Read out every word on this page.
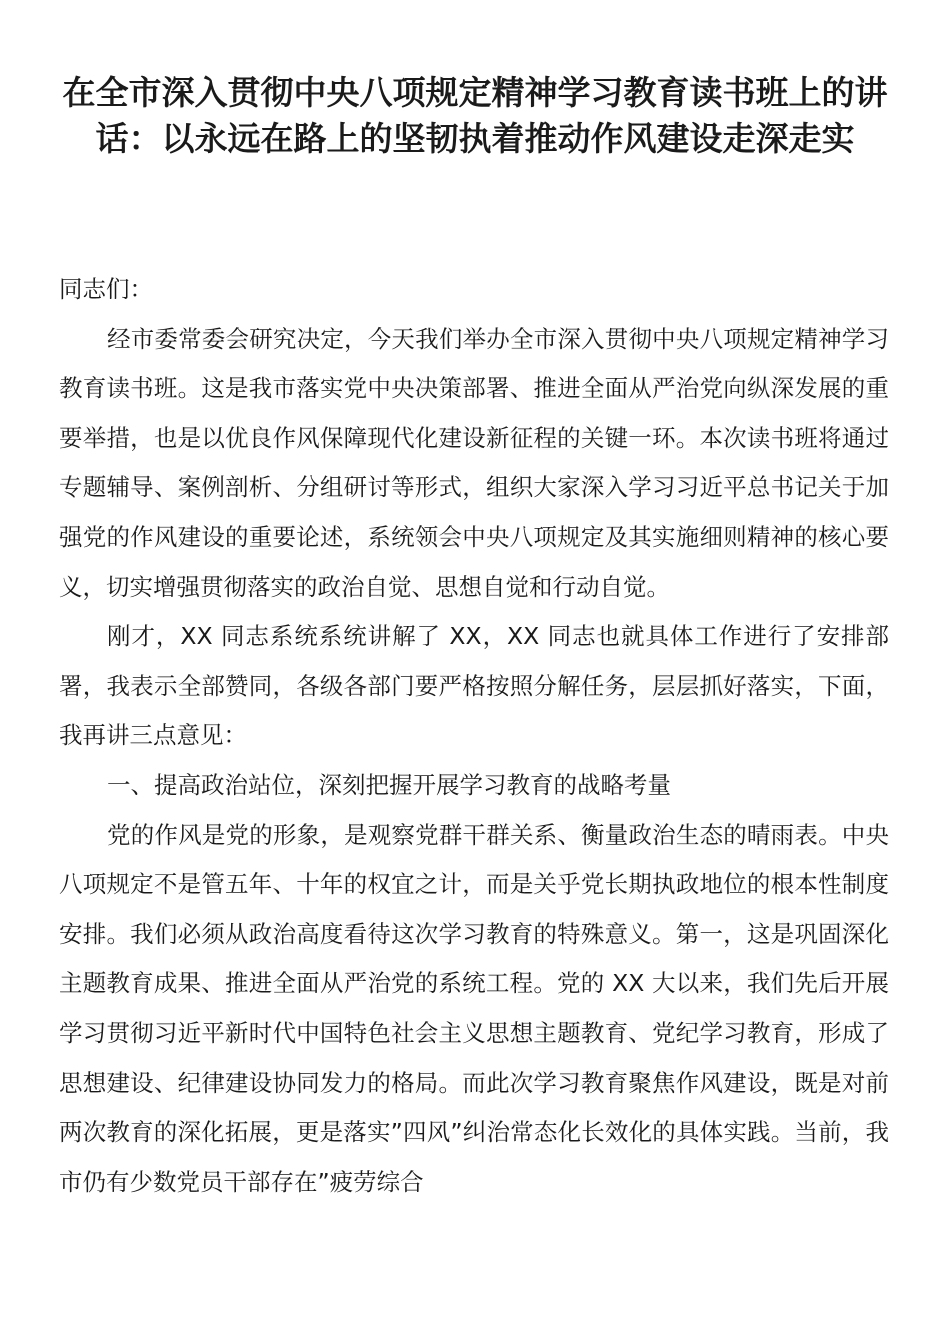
在全市深入贯彻中央八项规定精神学习教育读书班上的讲话：以永远在路上的坚韧执着推动作风建设走深走实

同志们：

经市委常委会研究决定，今天我们举办全市深入贯彻中央八项规定精神学习教育读书班。这是我市落实党中央决策部署、推进全面从严治党向纵深发展的重要举措，也是以优良作风保障现代化建设新征程的关键一环。本次读书班将通过专题辅导、案例剖析、分组研讨等形式，组织大家深入学习习近平总书记关于加强党的作风建设的重要论述，系统领会中央八项规定及其实施细则精神的核心要义，切实增强贯彻落实的政治自觉、思想自觉和行动自觉。

刚才，XX 同志系统系统讲解了 XX，XX 同志也就具体工作进行了安排部署，我表示全部赞同，各级各部门要严格按照分解任务，层层抓好落实，下面，我再讲三点意见：

一、提高政治站位，深刻把握开展学习教育的战略考量

党的作风是党的形象，是观察党群干群关系、衡量政治生态的晴雨表。中央八项规定不是管五年、十年的权宜之计，而是关乎党长期执政地位的根本性制度安排。我们必须从政治高度看待这次学习教育的特殊意义。第一，这是巩固深化主题教育成果、推进全面从严治党的系统工程。党的 XX 大以来，我们先后开展学习贯彻习近平新时代中国特色社会主义思想主题教育、党纪学习教育，形成了思想建设、纪律建设协同发力的格局。而此次学习教育聚焦作风建设，既是对前两次教育的深化拓展，更是落实”四风”纠治常态化长效化的具体实践。当前，我市仍有少数党员干部存在”疲劳综合
